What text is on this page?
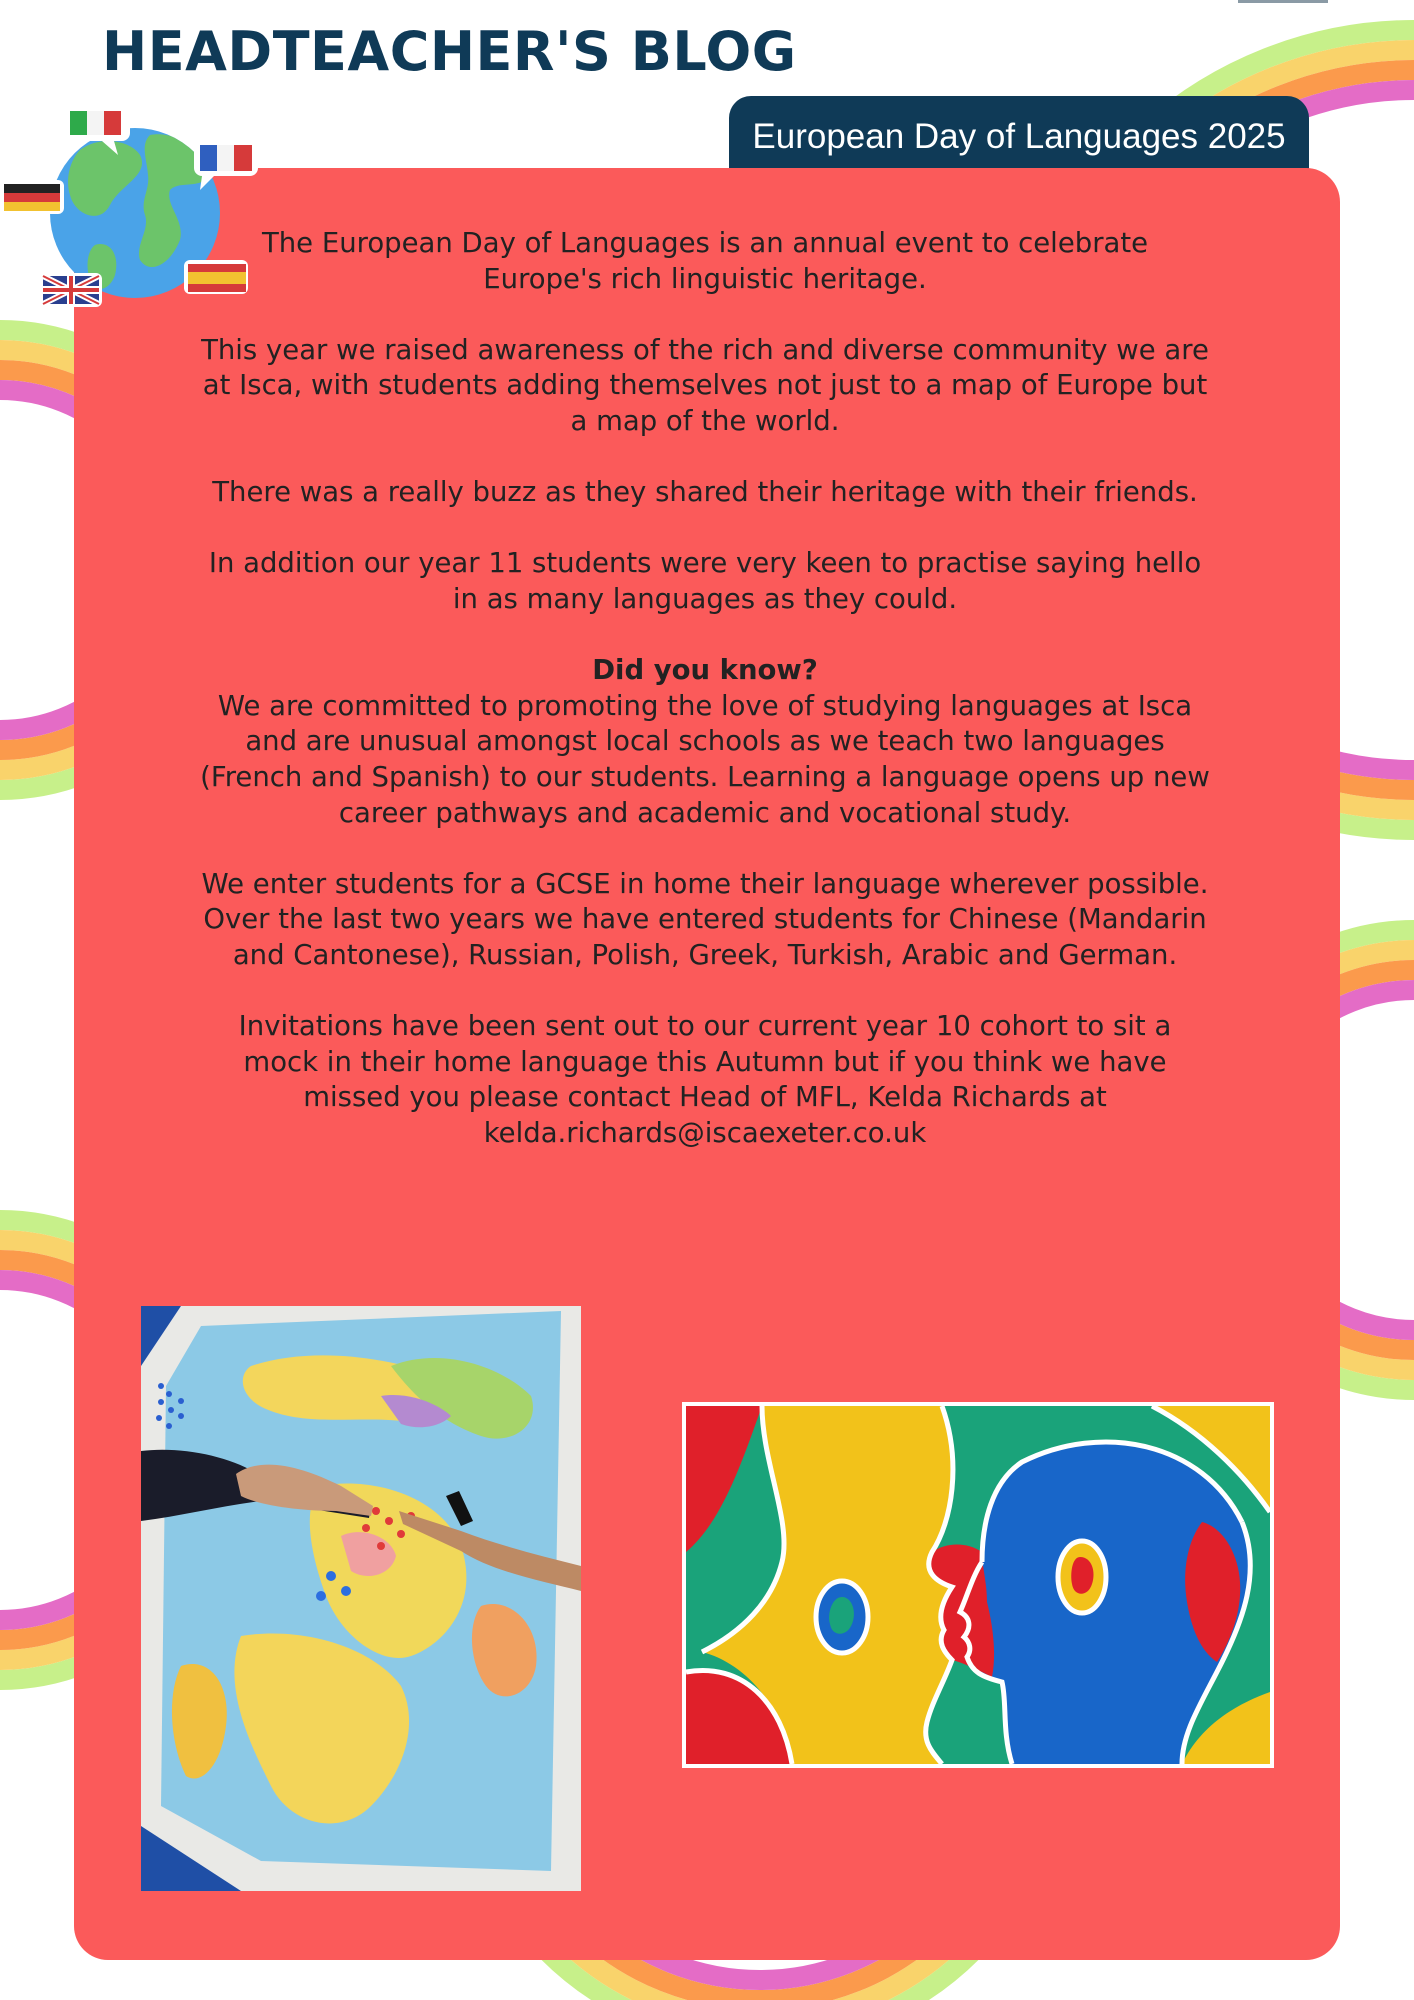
HEADTEACHER'S BLOG
European Day of Languages 2025

The European Day of Languages is an annual event to celebrate Europe's rich linguistic heritage.

This year we raised awareness of the rich and diverse community we are at Isca, with students adding themselves not just to a map of Europe but a map of the world.

There was a really buzz as they shared their heritage with their friends.

In addition our year 11 students were very keen to practise saying hello in as many languages as they could.

Did you know?
We are committed to promoting the love of studying languages at Isca and are unusual amongst local schools as we teach two languages (French and Spanish) to our students. Learning a language opens up new career pathways and academic and vocational study.

We enter students for a GCSE in home their language wherever possible.
Over the last two years we have entered students for Chinese (Mandarin and Cantonese), Russian, Polish, Greek, Turkish, Arabic and German.

Invitations have been sent out to our current year 10 cohort to sit a mock in their home language this Autumn but if you think we have missed you please contact Head of MFL, Kelda Richards at kelda.richards@iscaexeter.co.uk
